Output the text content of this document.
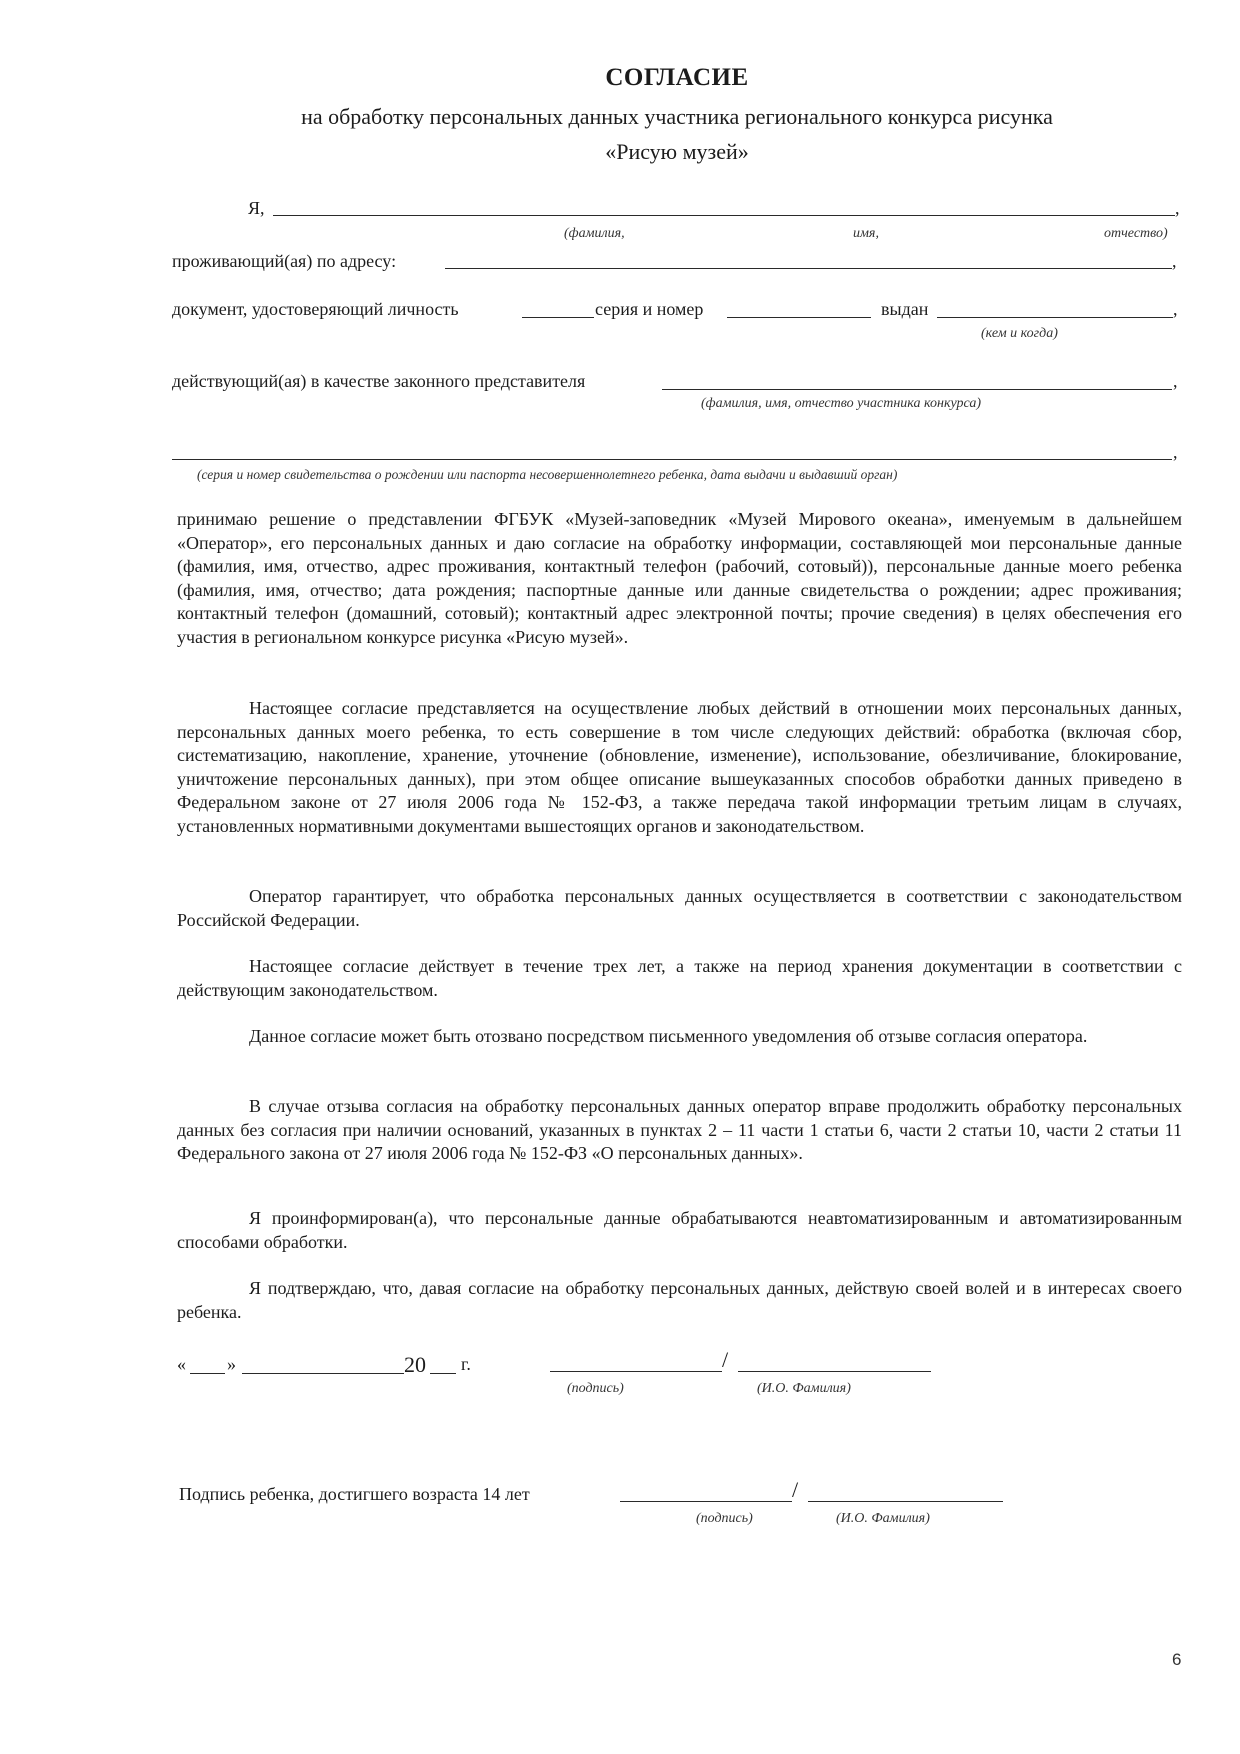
СОГЛАСИЕ
на обработку персональных данных участника регионального конкурса рисунка
«Рисую музей»
Я,	,
(фамилия,	имя,	отчество)
проживающий(ая) по адресу:	,
документ, удостоверяющий личность	серия и номер	выдан	,
(кем и когда)
действующий(ая) в качестве законного представителя	,
(фамилия, имя, отчество участника конкурса)
,
(серия и номер свидетельства о рождении или паспорта несовершеннолетнего ребенка, дата выдачи и выдавший орган)
принимаю решение о представлении ФГБУК «Музей-заповедник «Музей Мирового океана», именуемым в дальнейшем «Оператор», его персональных данных и даю согласие на обработку информации, составляющей мои персональные данные (фамилия, имя, отчество, адрес проживания, контактный телефон (рабочий, сотовый)), персональные данные моего ребенка (фамилия, имя, отчество; дата рождения; паспортные данные или данные свидетельства о рождении; адрес проживания; контактный телефон (домашний, сотовый); контактный адрес электронной почты; прочие сведения) в целях обеспечения его участия в региональном конкурсе рисунка «Рисую музей».
Настоящее согласие представляется на осуществление любых действий в отношении моих персональных данных, персональных данных моего ребенка, то есть совершение в том числе следующих действий: обработка (включая сбор, систематизацию, накопление, хранение, уточнение (обновление, изменение), использование, обезличивание, блокирование, уничтожение персональных данных), при этом общее описание вышеуказанных способов обработки данных приведено в Федеральном законе от 27 июля 2006 года № 152-ФЗ, а также передача такой информации третьим лицам в случаях, установленных нормативными документами вышестоящих органов и законодательством.
Оператор гарантирует, что обработка персональных данных осуществляется в соответствии с законодательством Российской Федерации.
Настоящее согласие действует в течение трех лет, а также на период хранения документации в соответствии с действующим законодательством.
Данное согласие может быть отозвано посредством письменного уведомления об отзыве согласия оператора.
В случае отзыва согласия на обработку персональных данных оператор вправе продолжить обработку персональных данных без согласия при наличии оснований, указанных в пунктах 2 – 11 части 1 статьи 6, части 2 статьи 10, части 2 статьи 11 Федерального закона от 27 июля 2006 года № 152-ФЗ «О персональных данных».
Я проинформирован(а), что персональные данные обрабатываются неавтоматизированным и автоматизированным способами обработки.
Я подтверждаю, что, давая согласие на обработку персональных данных, действую своей волей и в интересах своего ребенка.
« »	20 г.	/
(подпись)	(И.О. Фамилия)
Подпись ребенка, достигшего возраста 14 лет	/
(подпись)	(И.О. Фамилия)
6
